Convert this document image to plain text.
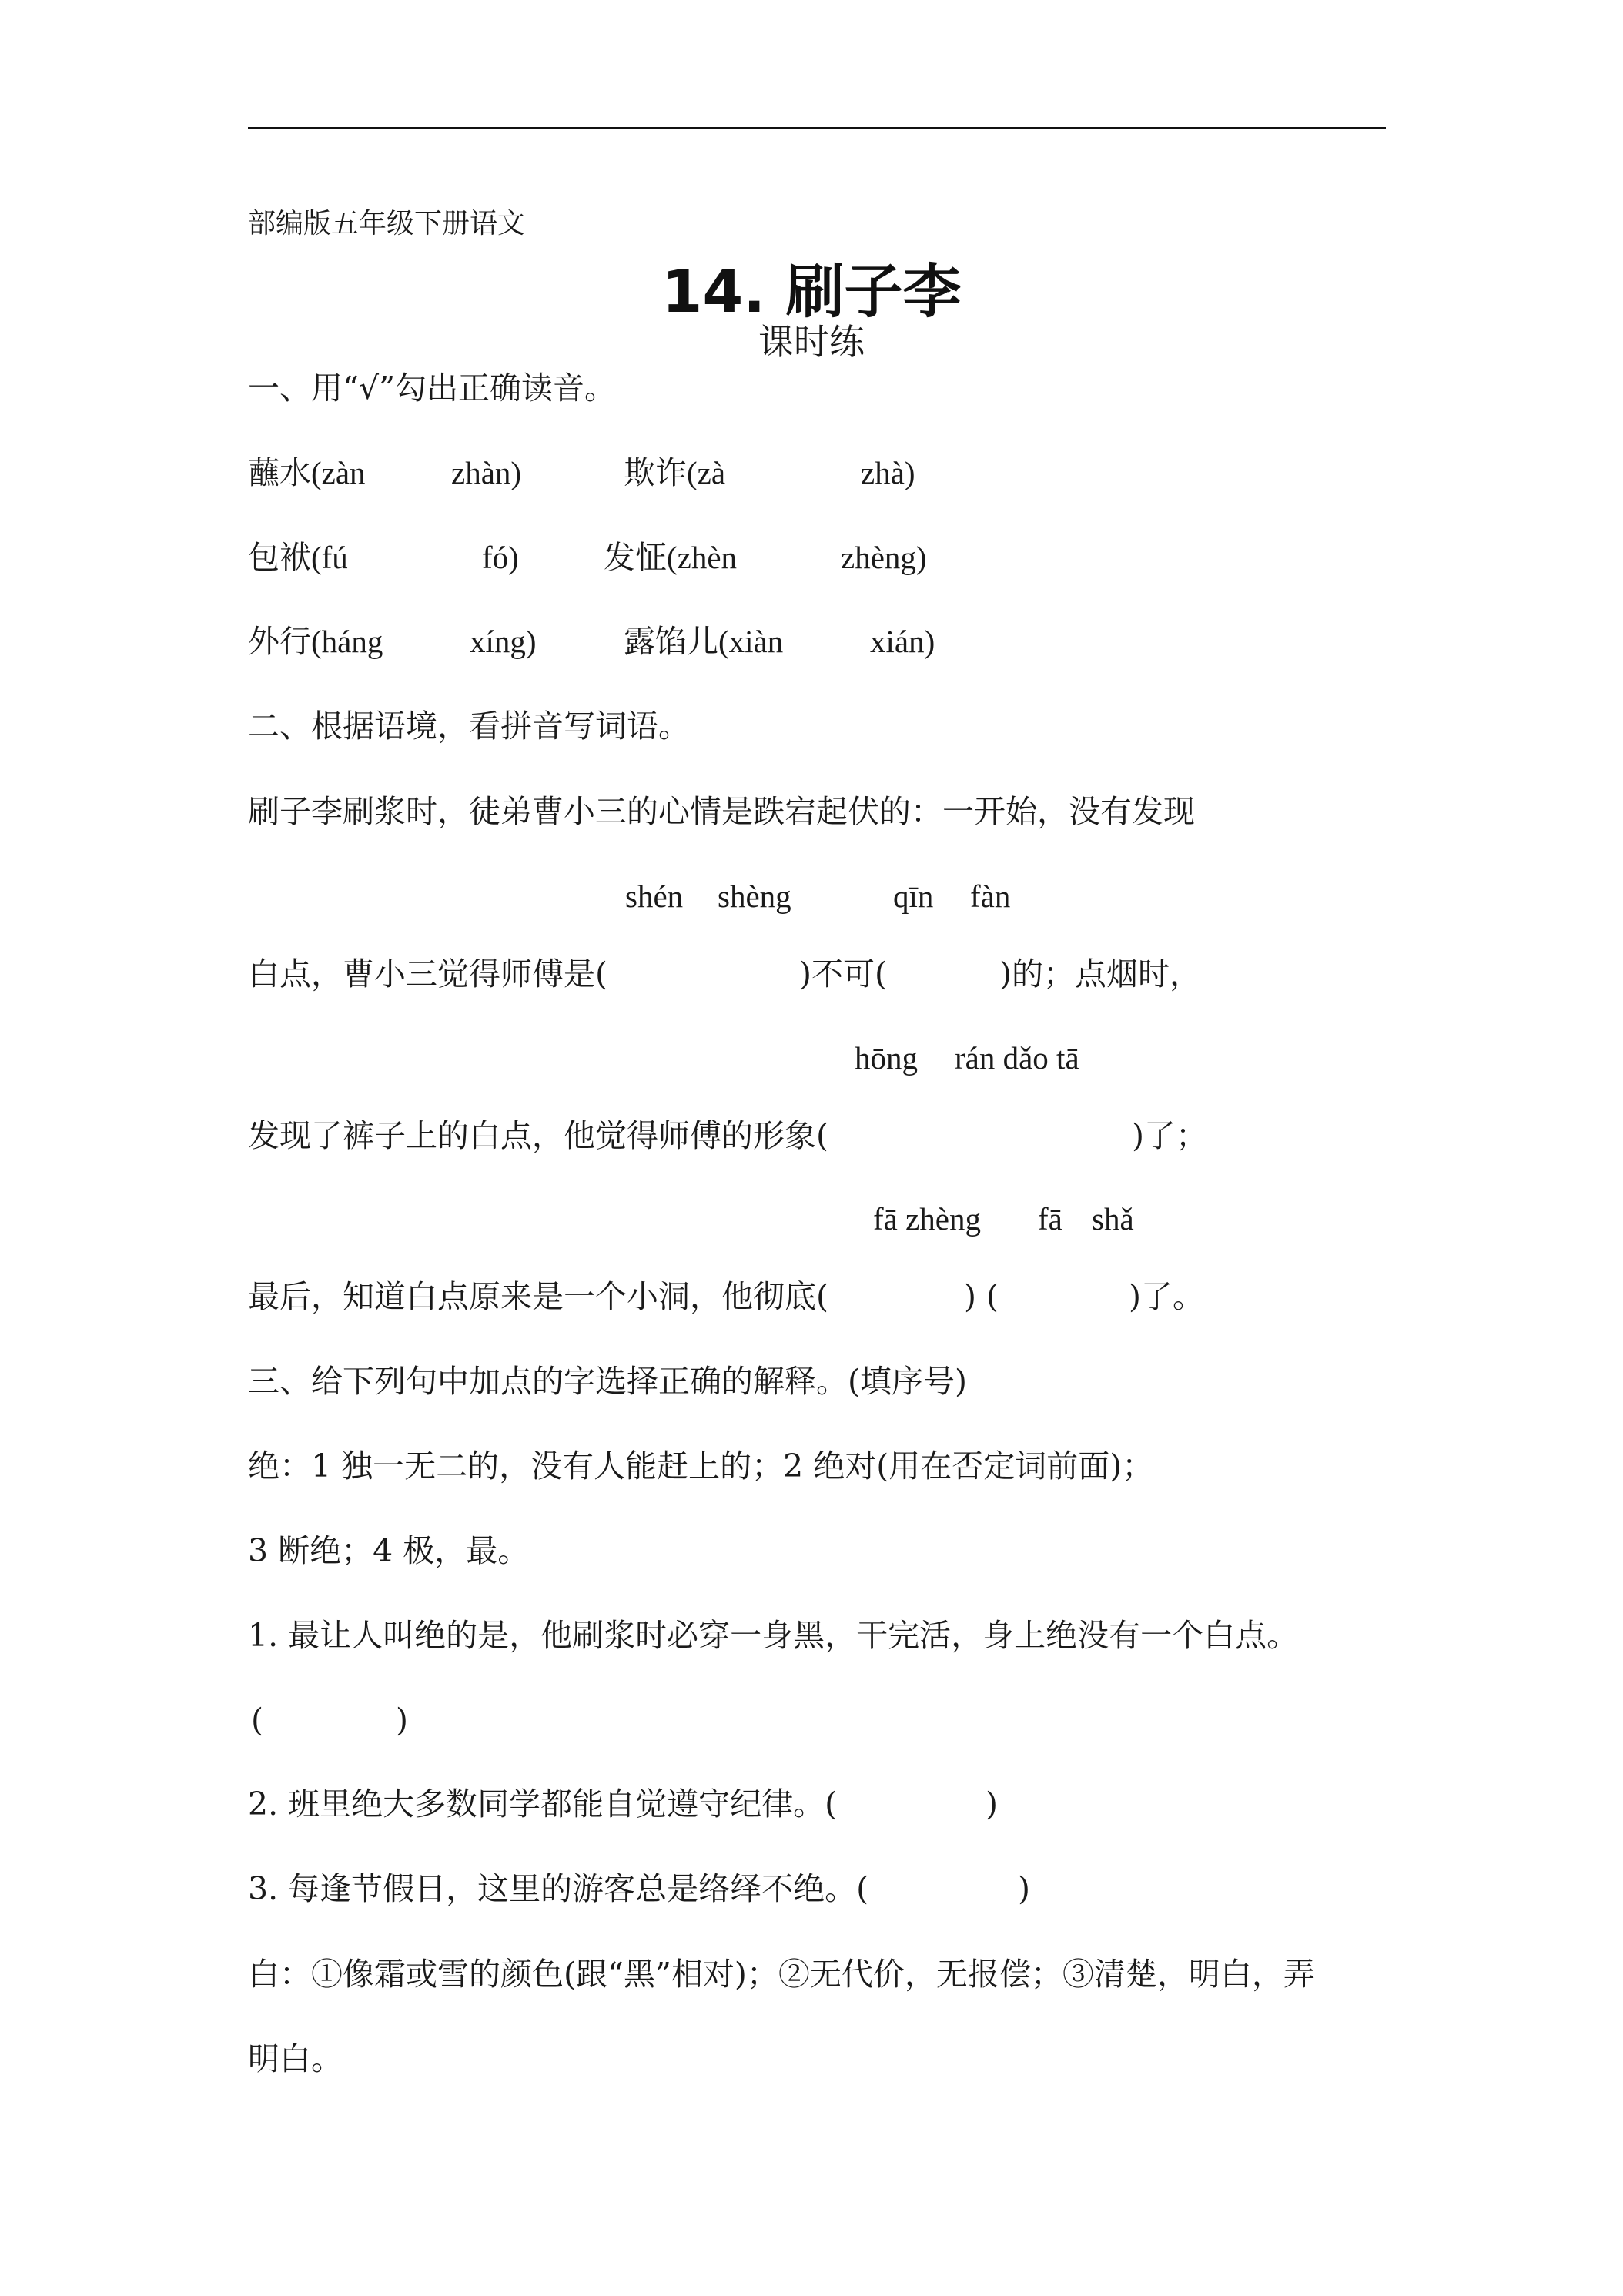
部编版五年级下册语文
14. 刷子李
课时练
一、用“√”勾出正确读音。
蘸水(zàn	zhàn)	欺诈(zà	zhà)
包袱(fú	fó)	发怔(zhèn	zhèng)
外行(háng	xíng)	露馅儿(xiàn	xián)
二、根据语境，看拼音写词语。
刷子李刷浆时，徒弟曹小三的心情是跌宕起伏的：一开始，没有发现
shén shèng	qīn fàn
白点，曹小三觉得师傅是(	)不可(	)的；点烟时，
hōng rán dǎo tā
发现了裤子上的白点，他觉得师傅的形象(	)了；
fā zhèng fā shǎ
最后，知道白点原来是一个小洞，他彻底(	) (	)了。
三、给下列句中加点的字选择正确的解释。(填序号)
绝：1 独一无二的，没有人能赶上的；2 绝对(用在否定词前面)；
3 断绝；4 极，最。
1. 最让人叫绝的是，他刷浆时必穿一身黑，干完活，身上绝没有一个白点。
(	)
2. 班里绝大多数同学都能自觉遵守纪律。(	)
3. 每逢节假日，这里的游客总是络绎不绝。(	)
白：①像霜或雪的颜色(跟“黑”相对)；②无代价，无报偿；③清楚，明白，弄
明白。
